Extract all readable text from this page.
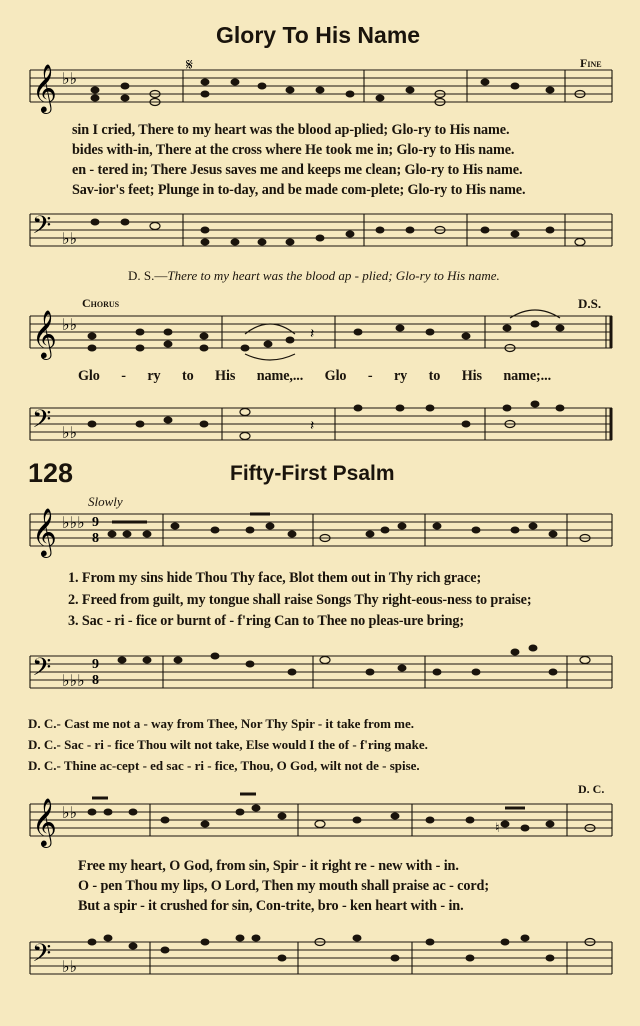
Glory To His Name
Fine
𝄞 ♭♭
𝄋
sin I cried, There to my heart was the blood ap-plied; Glo-ry to His name.
bides with-in, There at the cross where He took me in; Glo-ry to His name.
en - tered in; There Jesus saves me and keeps me clean; Glo-ry to His name.
Sav-ior's feet; Plunge in to-day, and be made com-plete; Glo-ry to His name.
𝄢 ♭♭
D. S.—There to my heart was the blood ap - plied; Glo-ry to His name.
Chorus	D.S.
𝄞 ♭♭
𝄽
Glo - ry to His name,... Glo - ry to His name;...
𝄢 ♭♭	𝄽
128	Fifty-First Psalm
Slowly
𝄞 ♭♭♭ 9
8
1. From my sins hide Thou Thy face, Blot them out in Thy rich grace;
2. Freed from guilt, my tongue shall raise Songs Thy right-eous-ness to praise;
3. Sac - ri - fice or burnt of - f'ring Can to Thee no pleas-ure bring;
𝄢 ♭♭♭
9
8
D. C.- Cast me not a - way from Thee, Nor Thy Spir - it take from me.
D. C.- Sac - ri - fice Thou wilt not take, Else would I the of - f'ring make.
D. C.- Thine ac-cept - ed sac - ri - fice, Thou, O God, wilt not de - spise.
D. C.
𝄞 ♭♭
♮
Free my heart, O God, from sin, Spir - it right re - new with - in.
O - pen Thou my lips, O Lord, Then my mouth shall praise ac - cord;
But a spir - it crushed for sin, Con-trite, bro - ken heart with - in.
𝄢 ♭♭
